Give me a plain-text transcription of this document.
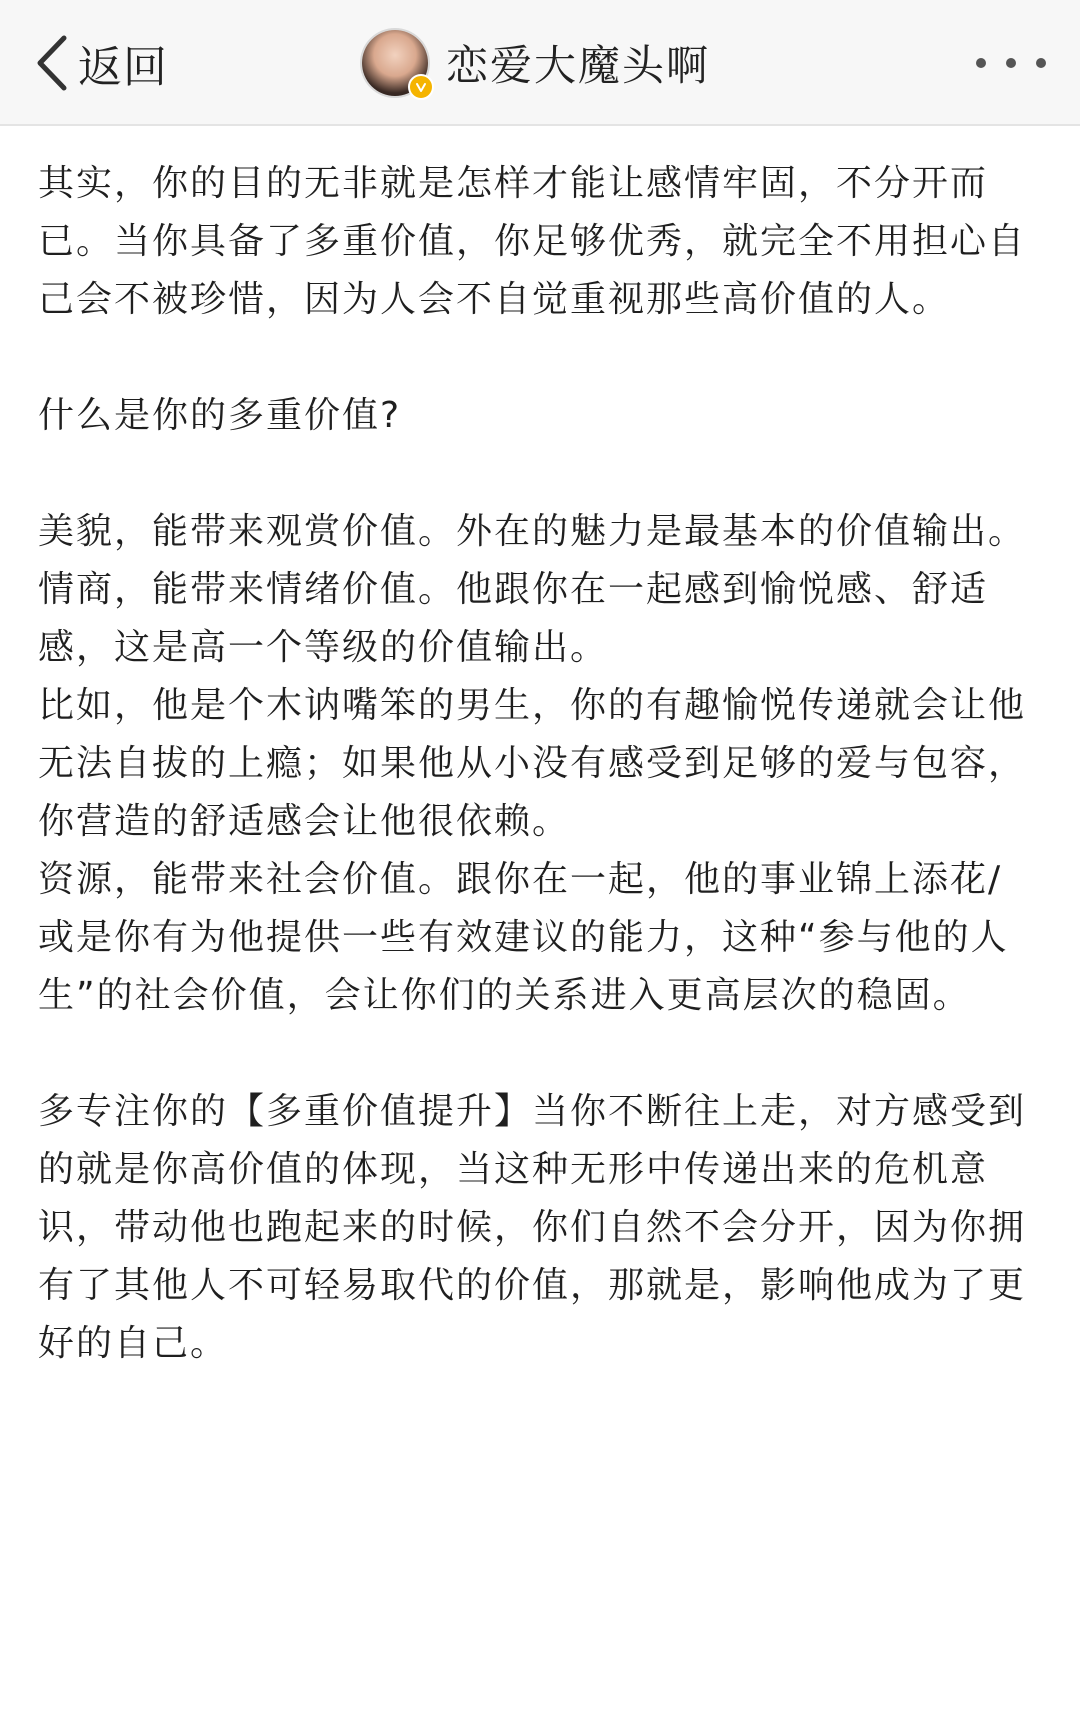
返回	恋爱大魔头啊

其实，你的目的无非就是怎样才能让感情牢固，不分开而已。当你具备了多重价值，你足够优秀，就完全不用担心自己会不被珍惜，因为人会不自觉重视那些高价值的人。

什么是你的多重价值?

美貌，能带来观赏价值。外在的魅力是最基本的价值输出。

情商，能带来情绪价值。他跟你在一起感到愉悦感、舒适感，这是高一个等级的价值输出。

比如，他是个木讷嘴笨的男生，你的有趣愉悦传递就会让他无法自拔的上瘾；如果他从小没有感受到足够的爱与包容，你营造的舒适感会让他很依赖。

资源，能带来社会价值。跟你在一起，他的事业锦上添花/或是你有为他提供一些有效建议的能力，这种“参与他的人生”的社会价值，会让你们的关系进入更高层次的稳固。

多专注你的【多重价值提升】当你不断往上走，对方感受到的就是你高价值的体现，当这种无形中传递出来的危机意识，带动他也跑起来的时候，你们自然不会分开，因为你拥有了其他人不可轻易取代的价值，那就是，影响他成为了更好的自己。
